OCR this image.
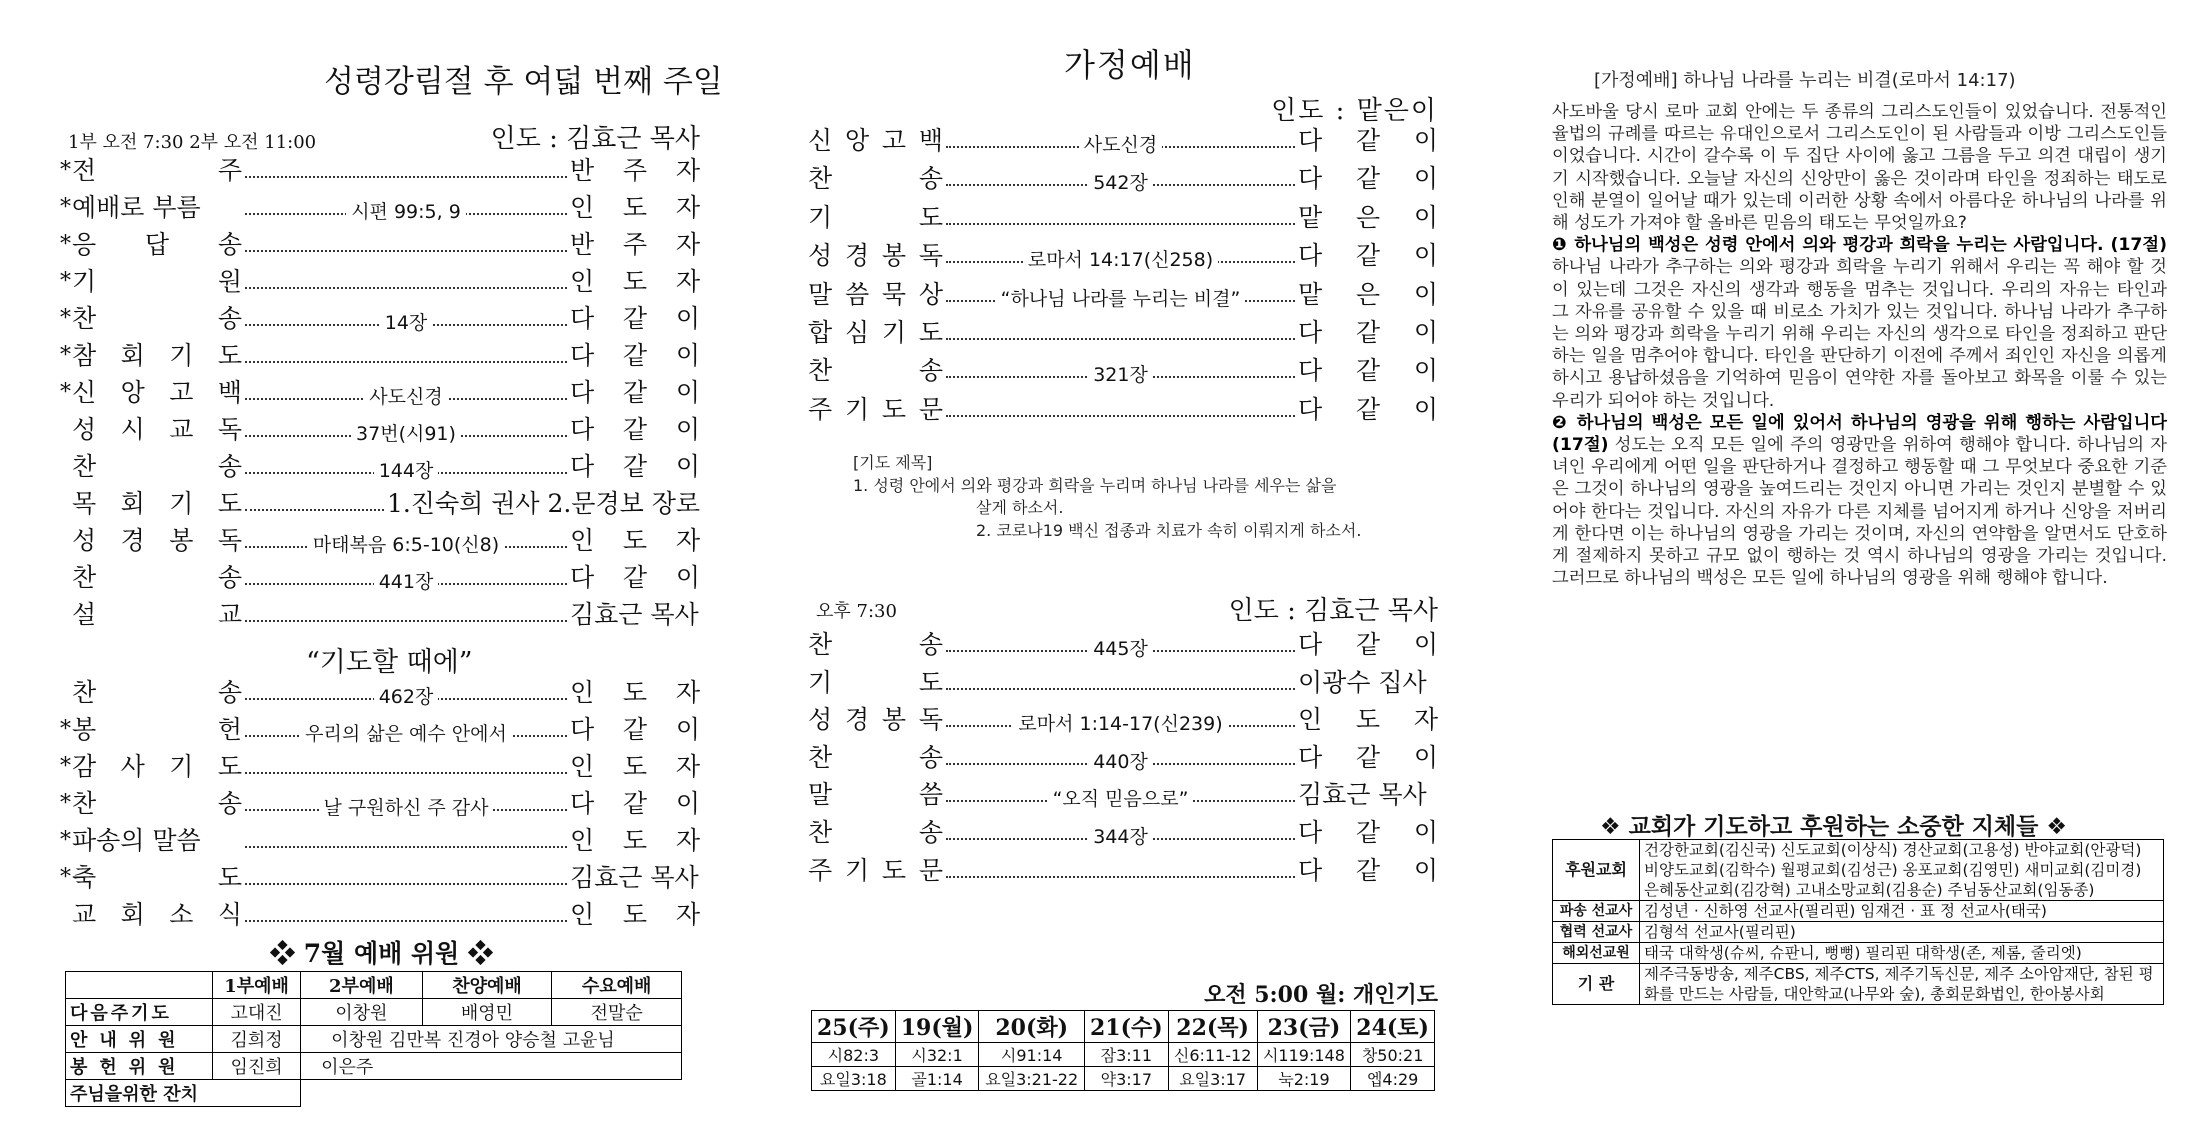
성령강림절 후 여덟 번째 주일
1부 오전 7:30 2부 오전 11:00	인도 : 김효근 목사
* 전	주	반 주 자
* 예배로 부름	시편 99:5, 9	인 도 자
* 응 답 송	반 주 자
* 기	원	인 도 자
* 찬	송	14장	다 같 이
* 참 회 기 도	다 같 이
* 신 앙 고 백	사도신경	다 같 이
성 시 교 독	37번(시91)	다 같 이
찬	송	144장	다 같 이
목 회 기 도	1.진숙희 권사 2.문경보 장로
성 경 봉 독	마태복음 6:5-10(신8)	인 도 자
찬	송	441장	다 같 이
설	교	김효근 목사
“기도할 때에”
찬	송	462장	인 도 자
* 봉	헌	우리의 삶은 예수 안에서	다 같 이
* 감 사 기 도	인 도 자
* 찬	송	날 구원하신 주 감사	다 같 이
* 파송의 말씀	인 도 자
* 축	도	김효근 목사
교 회 소 식	인 도 자
❖ 7월 예배 위원 ❖
	1부예배	2부예배	찬양예배	수요예배
다음주기도	고대진	이창원	배영민	전말순
안내위원	김희정	이창원 김만복 진경아 양승철 고윤님		
봉헌위원	임진희	이은주		
주님을위한 잔치				
가정예배
인도 : 맡은이
신 앙 고 백	사도신경	다 같 이
찬	송	542장	다 같 이
기	도	맡 은 이
성 경 봉 독	로마서 14:17(신258)	다 같 이
말 씀 묵 상	“하나님 나라를 누리는 비결” 맡 은 이
합 심 기 도	다 같 이
찬	송	321장	다 같 이
주 기 도 문	다 같 이
[기도 제목]
1. 성령 안에서 의와 평강과 희락을 누리며 하나님 나라를 세우는 삶을
살게 하소서.
2. 코로나19 백신 접종과 치료가 속히 이뤄지게 하소서.
오후 7:30	인도 : 김효근 목사
찬	송	445장	다 같 이
기	도	이광수 집사
성 경 봉 독	로마서 1:14-17(신239)	인 도 자
찬	송	440장	다 같 이
말	씀	“오직 믿음으로”	김효근 목사
찬	송	344장	다 같 이
주 기 도 문	다 같 이
오전 5:00 월: 개인기도
25(주)	19(월)	20(화)	21(수)	22(목)	23(금)	24(토)
시82:3	시32:1	시91:14	잠3:11	신6:11-12	시119:148	창50:21
요일3:18	골1:14	요일3:21-22	약3:17	요일3:17	눅2:19	엡4:29
[가정예배] 하나님 나라를 누리는 비결(로마서 14:17)
사도바울 당시 로마 교회 안에는 두 종류의 그리스도인들이 있었습니다. 전통적인 율법의 규례를 따르는 유대인으로서 그리스도인이 된 사람들과 이방 그리스도인들이었습니다. 시간이 갈수록 이 두 집단 사이에 옳고 그름을 두고 의견 대립이 생기기 시작했습니다. 오늘날 자신의 신앙만이 옳은 것이라며 타인을 정죄하는 태도로 인해 분열이 일어날 때가 있는데 이러한 상황 속에서 아름다운 하나님의 나라를 위해 성도가 가져야 할 올바른 믿음의 태도는 무엇일까요?
❶ 하나님의 백성은 성령 안에서 의와 평강과 희락을 누리는 사람입니다. (17절) 하나님 나라가 추구하는 의와 평강과 희락을 누리기 위해서 우리는 꼭 해야 할 것이 있는데 그것은 자신의 생각과 행동을 멈추는 것입니다. 우리의 자유는 타인과 그 자유를 공유할 수 있을 때 비로소 가치가 있는 것입니다. 하나님 나라가 추구하는 의와 평강과 희락을 누리기 위해 우리는 자신의 생각으로 타인을 정죄하고 판단하는 일을 멈추어야 합니다. 타인을 판단하기 이전에 주께서 죄인인 자신을 의롭게 하시고 용납하셨음을 기억하여 믿음이 연약한 자를 돌아보고 화목을 이룰 수 있는 우리가 되어야 하는 것입니다.
❷ 하나님의 백성은 모든 일에 있어서 하나님의 영광을 위해 행하는 사람입니다(17절) 성도는 오직 모든 일에 주의 영광만을 위하여 행해야 합니다. 하나님의 자녀인 우리에게 어떤 일을 판단하거나 결정하고 행동할 때 그 무엇보다 중요한 기준은 그것이 하나님의 영광을 높여드리는 것인지 아니면 가리는 것인지 분별할 수 있어야 한다는 것입니다. 자신의 자유가 다른 지체를 넘어지게 하거나 신앙을 저버리게 한다면 이는 하나님의 영광을 가리는 것이며, 자신의 연약함을 알면서도 단호하게 절제하지 못하고 규모 없이 행하는 것 역시 하나님의 영광을 가리는 것입니다. 그러므로 하나님의 백성은 모든 일에 하나님의 영광을 위해 행해야 합니다.
❖ 교회가 기도하고 후원하는 소중한 지체들 ❖
후원교회	건강한교회(김신국) 신도교회(이상식) 경산교회(고용성) 반야교회(안광덕) 비양도교회(김학수) 월평교회(김성근) 옹포교회(김영민) 새미교회(김미경) 은혜동산교회(김강혁) 고내소망교회(김용순) 주님동산교회(임동종)
파송 선교사	김성년 · 신하영 선교사(필리핀) 임재건 · 표 정 선교사(태국)
협력 선교사	김형석 선교사(필리핀)
해외선교원	태국 대학생(슈씨, 슈판니, 뻥뻥) 필리핀 대학생(존, 제롬, 줄리엣)
기 관	제주극동방송, 제주CBS, 제주CTS, 제주기독신문, 제주 소아암재단, 참된 평화를 만드는 사람들, 대안학교(나무와 숲), 총회문화법인, 한아봉사회
